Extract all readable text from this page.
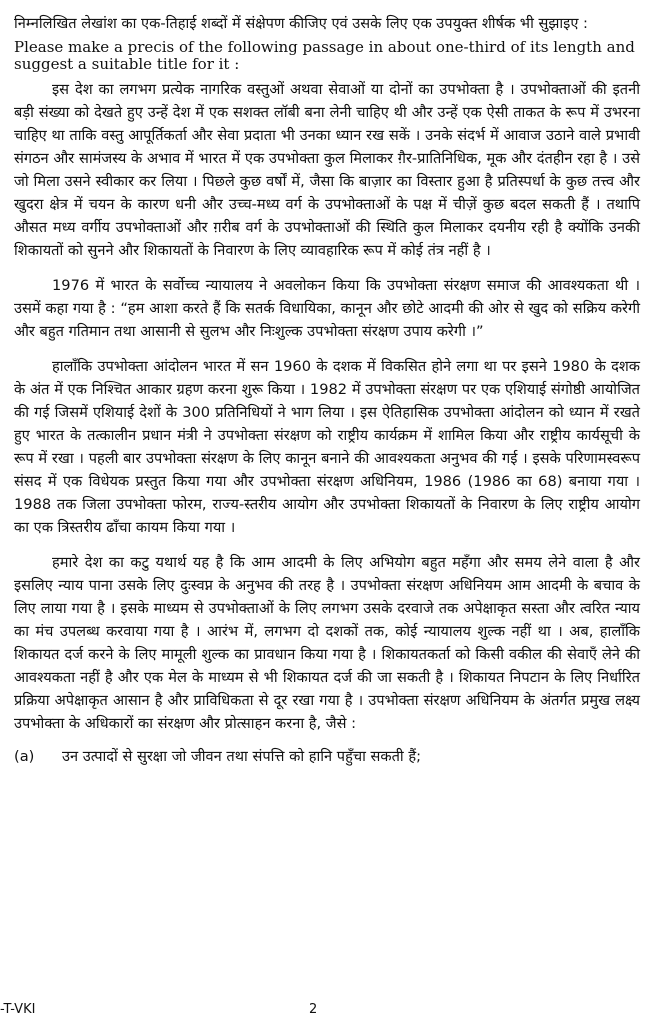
निम्नलिखित लेखांश का एक-तिहाई शब्दों में संक्षेपण कीजिए एवं उसके लिए एक उपयुक्त शीर्षक भी सुझाइए :

Please make a precis of the following passage in about one-third of its length and suggest a suitable title for it :

इस देश का लगभग प्रत्येक नागरिक वस्तुओं अथवा सेवाओं या दोनों का उपभोक्ता है । उपभोक्ताओं की इतनी बड़ी संख्या को देखते हुए उन्हें देश में एक सशक्त लॉबी बना लेनी चाहिए थी और उन्हें एक ऐसी ताकत के रूप में उभरना चाहिए था ताकि वस्तु आपूर्तिकर्ता और सेवा प्रदाता भी उनका ध्यान रख सकें । उनके संदर्भ में आवाज उठाने वाले प्रभावी संगठन और सामंजस्य के अभाव में भारत में एक उपभोक्ता कुल मिलाकर ग़ैर-प्रातिनिधिक, मूक और दंतहीन रहा है । उसे जो मिला उसने स्वीकार कर लिया । पिछले कुछ वर्षों में, जैसा कि बाज़ार का विस्तार हुआ है प्रतिस्पर्धा के कुछ तत्त्व और खुदरा क्षेत्र में चयन के कारण धनी और उच्च-मध्य वर्ग के उपभोक्ताओं के पक्ष में चीज़ें कुछ बदल सकती हैं । तथापि औसत मध्य वर्गीय उपभोक्ताओं और ग़रीब वर्ग के उपभोक्ताओं की स्थिति कुल मिलाकर दयनीय रही है क्योंकि उनकी शिकायतों को सुनने और शिकायतों के निवारण के लिए व्यावहारिक रूप में कोई तंत्र नहीं है ।

1976 में भारत के सर्वोच्च न्यायालय ने अवलोकन किया कि उपभोक्ता संरक्षण समाज की आवश्यकता थी । उसमें कहा गया है : “हम आशा करते हैं कि सतर्क विधायिका, कानून और छोटे आदमी की ओर से खुद को सक्रिय करेगी और बहुत गतिमान तथा आसानी से सुलभ और निःशुल्क उपभोक्ता संरक्षण उपाय करेगी ।”

हालाँकि उपभोक्ता आंदोलन भारत में सन 1960 के दशक में विकसित होने लगा था पर इसने 1980 के दशक के अंत में एक निश्चित आकार ग्रहण करना शुरू किया । 1982 में उपभोक्ता संरक्षण पर एक एशियाई संगोष्ठी आयोजित की गई जिसमें एशियाई देशों के 300 प्रतिनिधियों ने भाग लिया । इस ऐतिहासिक उपभोक्ता आंदोलन को ध्यान में रखते हुए भारत के तत्कालीन प्रधान मंत्री ने उपभोक्ता संरक्षण को राष्ट्रीय कार्यक्रम में शामिल किया और राष्ट्रीय कार्यसूची के रूप में रखा । पहली बार उपभोक्ता संरक्षण के लिए कानून बनाने की आवश्यकता अनुभव की गई । इसके परिणामस्वरूप संसद में एक विधेयक प्रस्तुत किया गया और उपभोक्ता संरक्षण अधिनियम, 1986 (1986 का 68) बनाया गया । 1988 तक जिला उपभोक्ता फोरम, राज्य-स्तरीय आयोग और उपभोक्ता शिकायतों के निवारण के लिए राष्ट्रीय आयोग का एक त्रिस्तरीय ढाँचा कायम किया गया ।

हमारे देश का कटु यथार्थ यह है कि आम आदमी के लिए अभियोग बहुत महँगा और समय लेने वाला है और इसलिए न्याय पाना उसके लिए दुःस्वप्न के अनुभव की तरह है । उपभोक्ता संरक्षण अधिनियम आम आदमी के बचाव के लिए लाया गया है । इसके माध्यम से उपभोक्ताओं के लिए लगभग उसके दरवाजे तक अपेक्षाकृत सस्ता और त्वरित न्याय का मंच उपलब्ध करवाया गया है । आरंभ में, लगभग दो दशकों तक, कोई न्यायालय शुल्क नहीं था । अब, हालाँकि शिकायत दर्ज करने के लिए मामूली शुल्क का प्रावधान किया गया है । शिकायतकर्ता को किसी वकील की सेवाएँ लेने की आवश्यकता नहीं है और एक मेल के माध्यम से भी शिकायत दर्ज की जा सकती है । शिकायत निपटान के लिए निर्धारित प्रक्रिया अपेक्षाकृत आसान है और प्राविधिकता से दूर रखा गया है । उपभोक्ता संरक्षण अधिनियम के अंतर्गत प्रमुख लक्ष्य उपभोक्ता के अधिकारों का संरक्षण और प्रोत्साहन करना है, जैसे :

(a)	उन उत्पादों से सुरक्षा जो जीवन तथा संपत्ति को हानि पहुँचा सकती हैं;
-T-VKI	2
